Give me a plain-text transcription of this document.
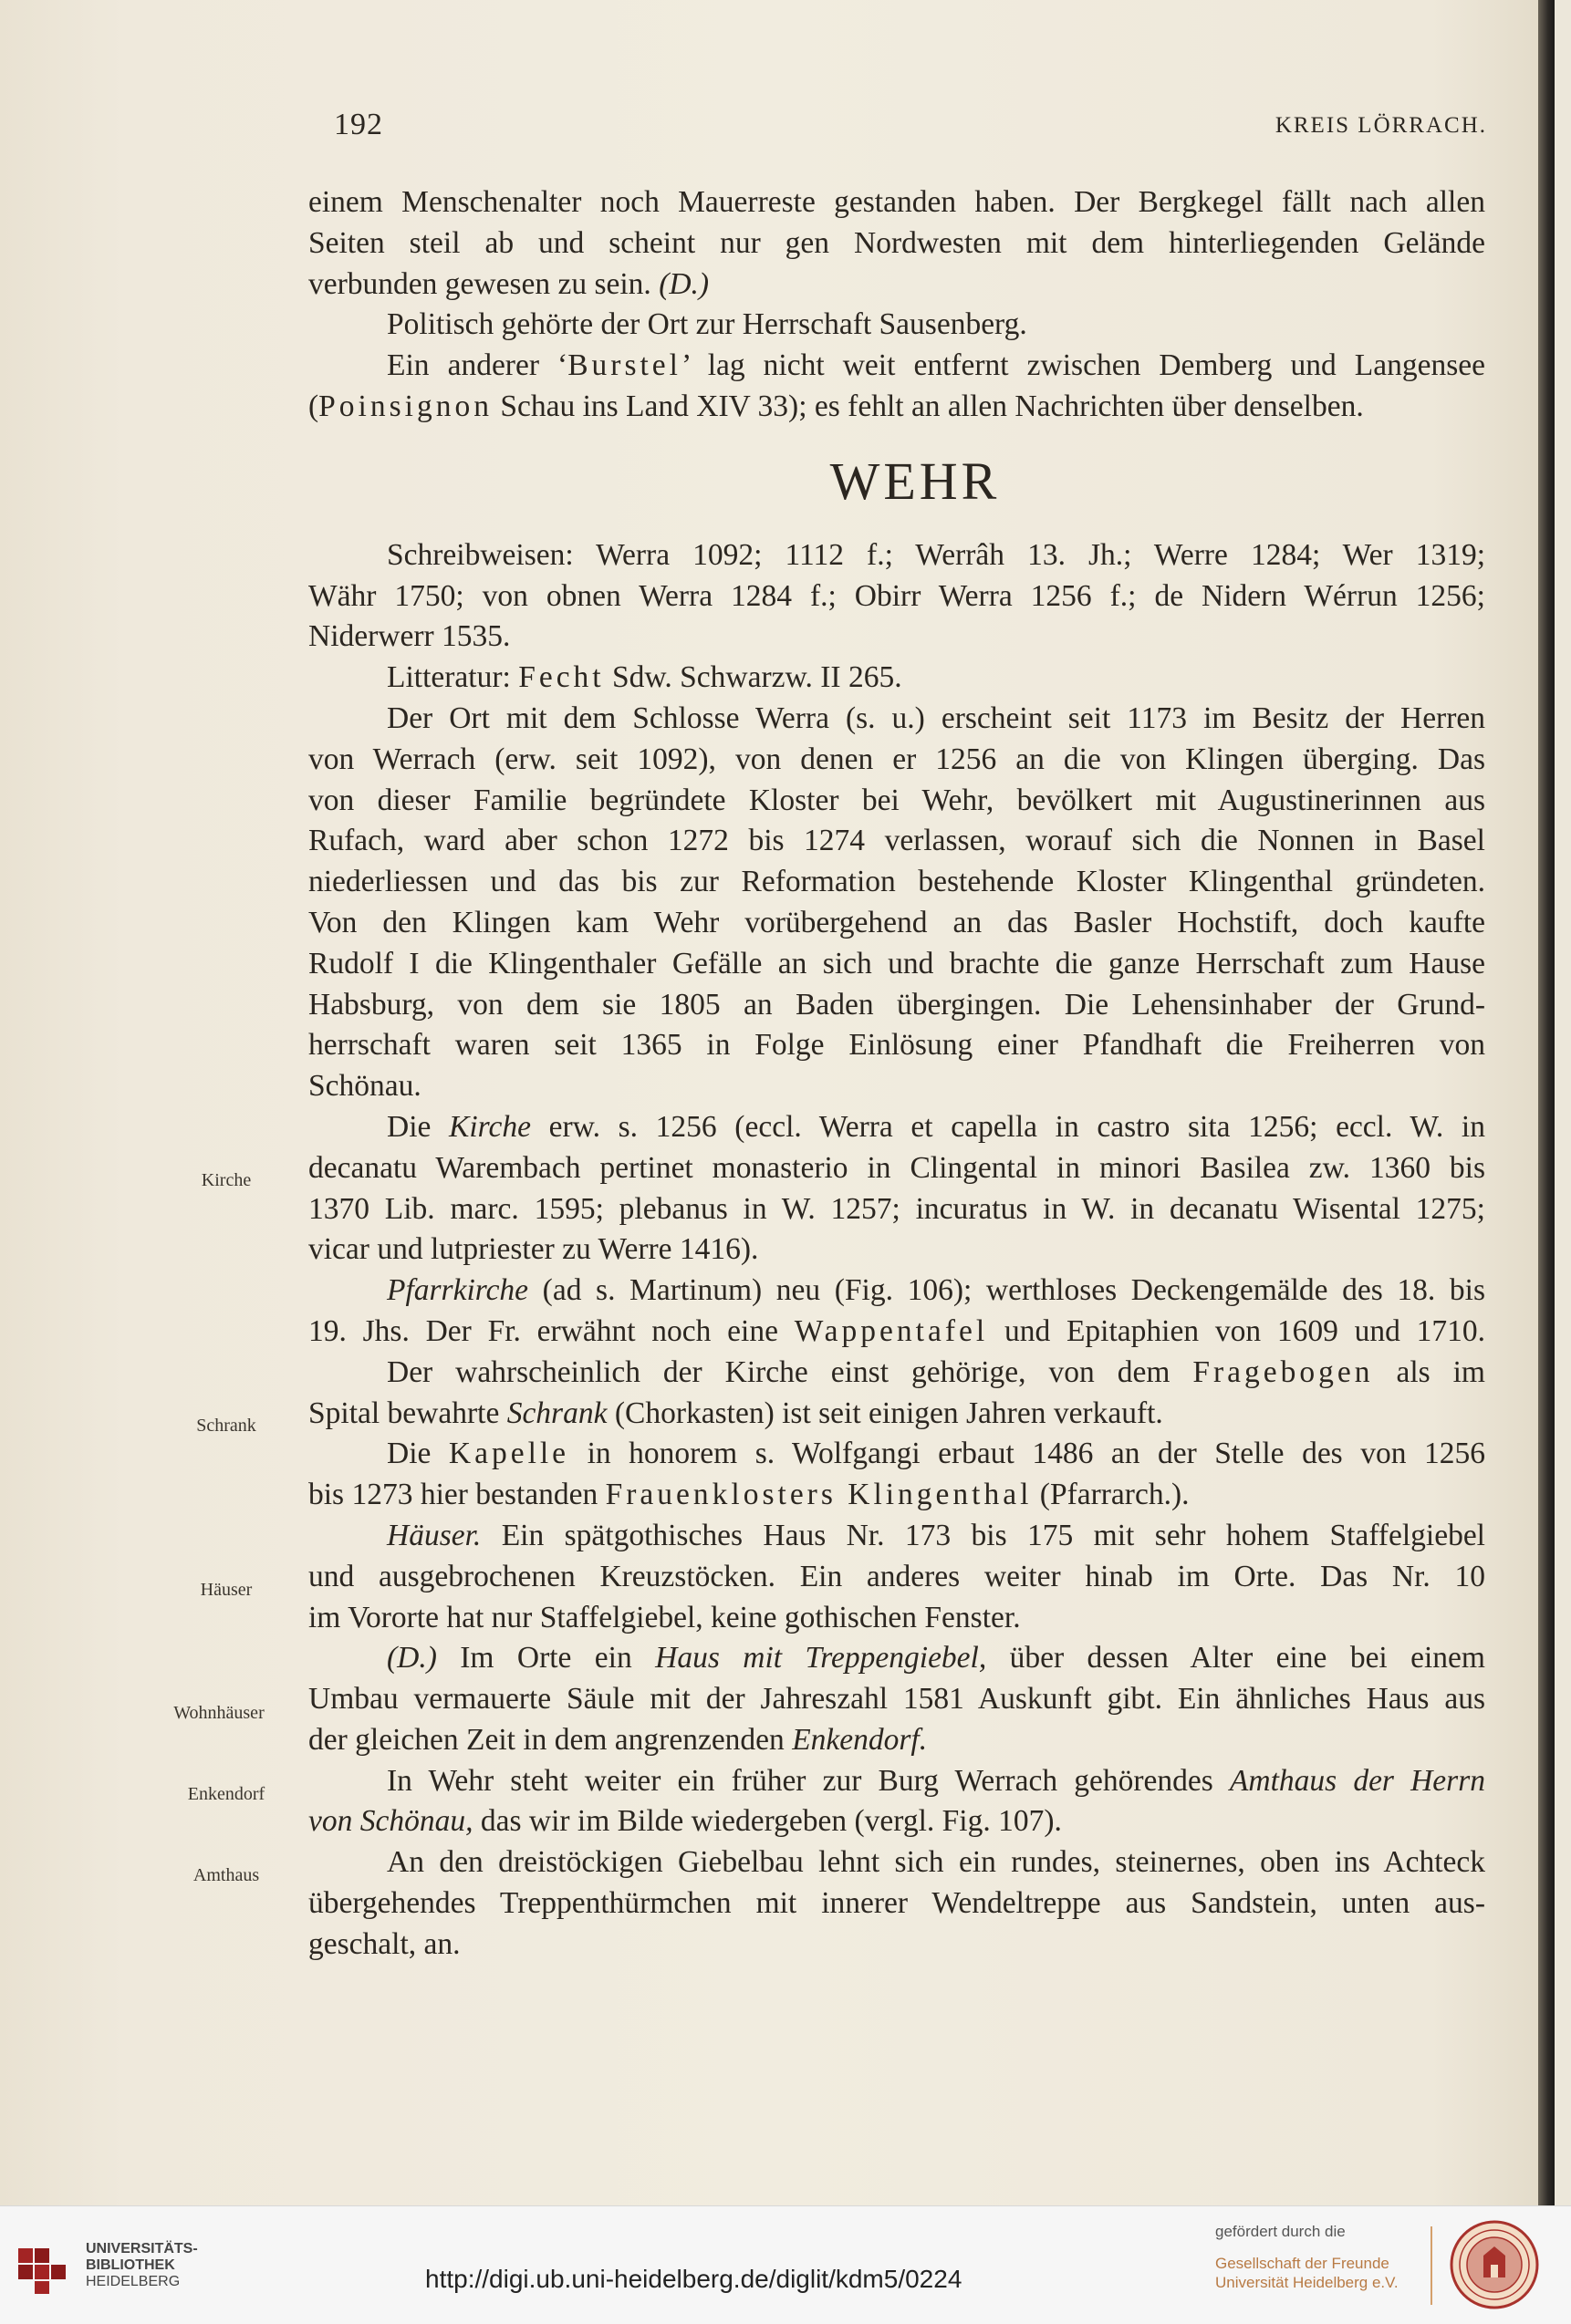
192	KREIS LÖRRACH.
einem Menschenalter noch Mauerreste gestanden haben. Der Bergkegel fällt nach allen
Seiten steil ab und scheint nur gen Nordwesten mit dem hinterliegenden Gelände
verbunden gewesen zu sein. (D.)
Politisch gehörte der Ort zur Herrschaft Sausenberg.
Ein anderer ‘Burstel’ lag nicht weit entfernt zwischen Demberg und Langensee
(Poinsignon Schau ins Land XIV 33); es fehlt an allen Nachrichten über denselben.
WEHR
Schreibweisen: Werra 1092; 1112 f.; Werrâh 13. Jh.; Werre 1284; Wer 1319;
Währ 1750; von obnen Werra 1284 f.; Obirr Werra 1256 f.; de Nidern Wérrun 1256;
Niderwerr 1535.
Litteratur: Fecht Sdw. Schwarzw. II 265.
Der Ort mit dem Schlosse Werra (s. u.) erscheint seit 1173 im Besitz der Herren
von Werrach (erw. seit 1092), von denen er 1256 an die von Klingen überging. Das
von dieser Familie begründete Kloster bei Wehr, bevölkert mit Augustinerinnen aus
Rufach, ward aber schon 1272 bis 1274 verlassen, worauf sich die Nonnen in Basel
niederliessen und das bis zur Reformation bestehende Kloster Klingenthal gründeten.
Von den Klingen kam Wehr vorübergehend an das Basler Hochstift, doch kaufte
Rudolf I die Klingenthaler Gefälle an sich und brachte die ganze Herrschaft zum Hause
Habsburg, von dem sie 1805 an Baden übergingen. Die Lehensinhaber der Grund-
herrschaft waren seit 1365 in Folge Einlösung einer Pfandhaft die Freiherren von
Schönau.
Die Kirche erw. s. 1256 (eccl. Werra et capella in castro sita 1256; eccl. W. in
decanatu Warembach pertinet monasterio in Clingental in minori Basilea zw. 1360 bis
1370 Lib. marc. 1595; plebanus in W. 1257; incuratus in W. in decanatu Wisental 1275;
vicar und lutpriester zu Werre 1416).
Pfarrkirche (ad s. Martinum) neu (Fig. 106); werthloses Deckengemälde des 18. bis
19. Jhs. Der Fr. erwähnt noch eine Wappentafel und Epitaphien von 1609 und 1710.
Der wahrscheinlich der Kirche einst gehörige, von dem Fragebogen als im
Spital bewahrte Schrank (Chorkasten) ist seit einigen Jahren verkauft.
Die Kapelle in honorem s. Wolfgangi erbaut 1486 an der Stelle des von 1256
bis 1273 hier bestanden Frauenklosters Klingenthal (Pfarrarch.).
Häuser. Ein spätgothisches Haus Nr. 173 bis 175 mit sehr hohem Staffelgiebel
und ausgebrochenen Kreuzstöcken. Ein anderes weiter hinab im Orte. Das Nr. 10
im Vororte hat nur Staffelgiebel, keine gothischen Fenster.
(D.) Im Orte ein Haus mit Treppengiebel, über dessen Alter eine bei einem
Umbau vermauerte Säule mit der Jahreszahl 1581 Auskunft gibt. Ein ähnliches Haus aus
der gleichen Zeit in dem angrenzenden Enkendorf.
In Wehr steht weiter ein früher zur Burg Werrach gehörendes Amthaus der Herrn
von Schönau, das wir im Bilde wiedergeben (vergl. Fig. 107).
An den dreistöckigen Giebelbau lehnt sich ein rundes, steinernes, oben ins Achteck
übergehendes Treppenthürmchen mit innerer Wendeltreppe aus Sandstein, unten aus-
geschalt, an.
Kirche
Schrank
Häuser
Wohnhäuser
Enkendorf
Amthaus
UNIVERSITÄTS-
BIBLIOTHEK
HEIDELBERG	http://digi.ub.uni-heidelberg.de/diglit/kdm5/0224
gefördert durch die
Gesellschaft der Freunde
Universität Heidelberg e.V.
